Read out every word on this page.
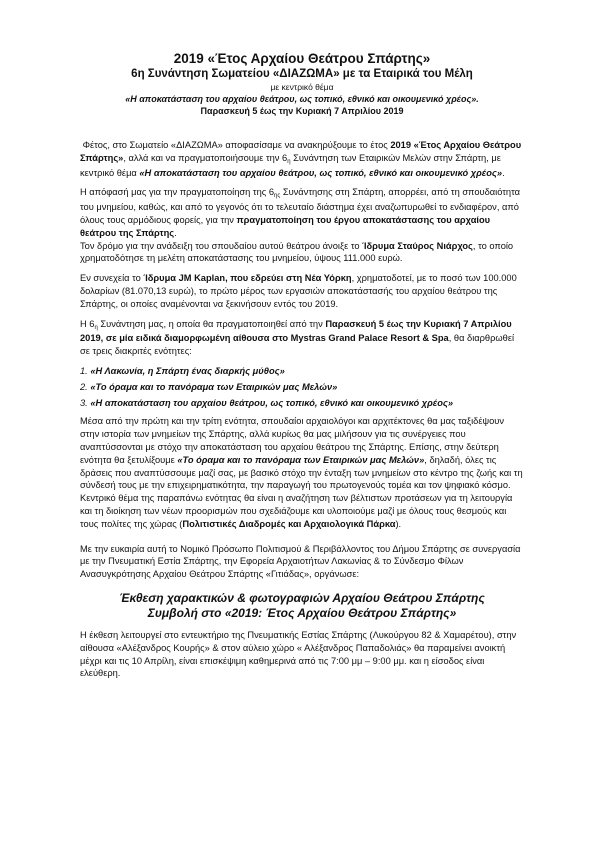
2019 «Έτος Αρχαίου Θεάτρου Σπάρτης»
6η Συνάντηση Σωματείου «ΔΙΑΖΩΜΑ» με τα Εταιρικά του Μέλη
με κεντρικό θέμα
«Η αποκατάσταση του αρχαίου θεάτρου, ως τοπικό, εθνικό και οικουμενικό χρέος».
Παρασκευή 5 έως την Κυριακή 7 Απριλίου 2019

Φέτος, στο Σωματείο «ΔΙΑΖΩΜΑ» αποφασίσαμε να ανακηρύξουμε το έτος 2019 «Έτος Αρχαίου Θεάτρου Σπάρτης», αλλά και να πραγματοποιήσουμε την $6_\eta$ Συνάντηση των Εταιρικών Μελών στην Σπάρτη, με κεντρικό θέμα «Η αποκατάσταση του αρχαίου θεάτρου, ως τοπικό, εθνικό και οικουμενικό χρέος».

Η απόφασή μας για την πραγματοποίηση της $6_{\eta\varsigma}$ Συνάντησης στη Σπάρτη, απορρέει, από τη σπουδαιότητα του μνημείου, καθώς, και από το γεγονός ότι το τελευταίο διάστημα έχει αναζωπυρωθεί το ενδιαφέρον, από όλους τους αρμόδιους φορείς, για την πραγματοποίηση του έργου αποκατάστασης του αρχαίου θεάτρου της Σπάρτης.
Τον δρόμο για την ανάδειξη του σπουδαίου αυτού θεάτρου άνοιξε το Ίδρυμα Σταύρος Νιάρχος, το οποίο χρηματοδότησε τη μελέτη αποκατάστασης του μνημείου, ύψους 111.000 ευρώ.

Εν συνεχεία το Ίδρυμα JM Kaplan, που εδρεύει στη Νέα Υόρκη, χρηματοδοτεί, με το ποσό των 100.000 δολαρίων (81.070,13 ευρώ), το πρώτο μέρος των εργασιών αποκατάστασής του αρχαίου θεάτρου της Σπάρτης, οι οποίες αναμένονται να ξεκινήσουν εντός του 2019.

Η $6_\eta$ Συνάντηση μας, η οποία θα πραγματοποιηθεί από την Παρασκευή 5 έως την Κυριακή 7 Απριλίου 2019, σε μία ειδικά διαμορφωμένη αίθουσα στο Mystras Grand Palace Resort & Spa, θα διαρθρωθεί σε τρεις διακριτές ενότητες:

1. «Η Λακωνία, η Σπάρτη ένας διαρκής μύθος»
2. «Το όραμα και το πανόραμα των Εταιρικών μας Μελών»
3. «Η αποκατάσταση του αρχαίου θεάτρου, ως τοπικό, εθνικό και οικουμενικό χρέος»

Μέσα από την πρώτη και την τρίτη ενότητα, σπουδαίοι αρχαιολόγοι και αρχιτέκτονες θα μας ταξιδέψουν στην ιστορία των μνημείων της Σπάρτης, αλλά κυρίως θα μας μιλήσουν για τις συνέργειες που αναπτύσσονται με στόχο την αποκατάσταση του αρχαίου θεάτρου της Σπάρτης. Επίσης, στην δεύτερη ενότητα θα ξετυλίξουμε «Το όραμα και το πανόραμα των Εταιρικών μας Μελών», δηλαδή, όλες τις δράσεις που αναπτύσσουμε μαζί σας, με βασικό στόχο την ένταξη των μνημείων στο κέντρο της ζωής και τη σύνδεσή τους με την επιχειρηματικότητα, την παραγωγή του πρωτογενούς τομέα και τον ψηφιακό κόσμο. Κεντρικό θέμα της παραπάνω ενότητας θα είναι η αναζήτηση των βέλτιστων προτάσεων για τη λειτουργία και τη διοίκηση των νέων προορισμών που σχεδιάζουμε και υλοποιούμε μαζί με όλους τους θεσμούς και τους πολίτες της χώρας (Πολιτιστικές Διαδρομές και Αρχαιολογικά Πάρκα).

Με την ευκαιρία αυτή το Νομικό Πρόσωπο Πολιτισμού & Περιβάλλοντος του Δήμου Σπάρτης σε συνεργασία με την Πνευματική Εστία Σπάρτης, την Εφορεία Αρχαιοτήτων Λακωνίας & το Σύνδεσμο Φίλων Ανασυγκρότησης Αρχαίου Θεάτρου Σπάρτης «Γιτιάδας», οργάνωσε:

Έκθεση χαρακτικών & φωτογραφιών Αρχαίου Θεάτρου Σπάρτης
Συμβολή στο «2019: Έτος Αρχαίου Θεάτρου Σπάρτης»

Η έκθεση λειτουργεί στο εντευκτήριο της Πνευματικής Εστίας Σπάρτης (Λυκούργου 82 & Χαμαρέτου), στην αίθουσα «Αλέξανδρος Κουρής» & στον αύλειο χώρο « Αλέξανδρος Παπαδολιάς» θα παραμείνει ανοικτή μέχρι και τις 10 Απρίλη, είναι επισκέψιμη καθημερινά από τις 7:00 μμ – 9:00 μμ. και η είσοδος είναι ελεύθερη.
